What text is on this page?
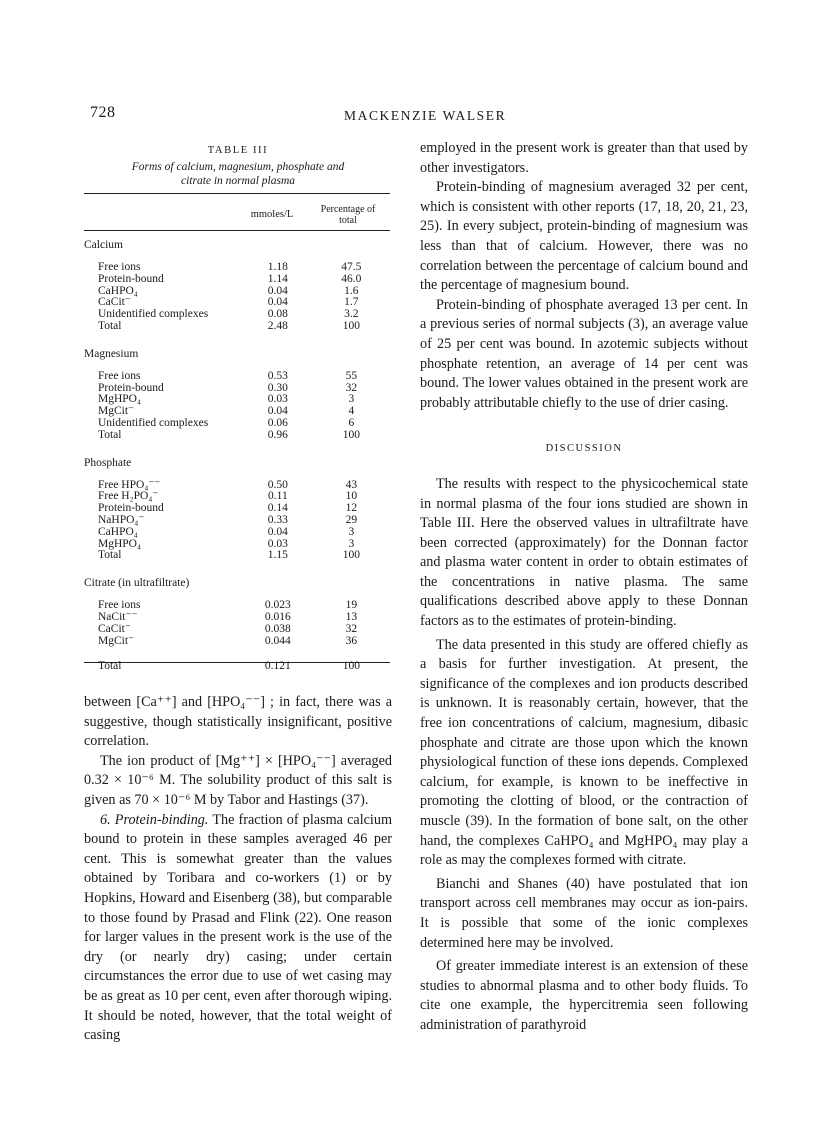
728	MACKENZIE WALSER
TABLE III
Forms of calcium, magnesium, phosphate and citrate in normal plasma
mmoles/L	Percentage of total
Calcium
Free ions	1.18	47.5
Protein-bound	1.14	46.0
CaHPO₄	0.04	1.6
CaCit⁻	0.04	1.7
Unidentified complexes	0.08	3.2
Total	2.48	100
Magnesium
Free ions	0.53	55
Protein-bound	0.30	32
MgHPO₄	0.03	3
MgCit⁻	0.04	4
Unidentified complexes	0.06	6
Total	0.96	100
Phosphate
Free HPO₄⁻⁻	0.50	43
Free H₂PO₄⁻	0.11	10
Protein-bound	0.14	12
NaHPO₄⁻	0.33	29
CaHPO₄	0.04	3
MgHPO₄	0.03	3
Total	1.15	100
Citrate (in ultrafiltrate)
Free ions	0.023	19
NaCit⁻⁻	0.016	13
CaCit⁻	0.038	32
MgCit⁻	0.044	36
Total	0.121	100

between [Ca⁺⁺] and [HPO₄⁻⁻] ; in fact, there was a suggestive, though statistically insignificant, positive correlation.

The ion product of [Mg⁺⁺] × [HPO₄⁻⁻] averaged 0.32 × 10⁻⁶ M. The solubility product of this salt is given as 70 × 10⁻⁶ M by Tabor and Hastings (37).

6. Protein-binding. The fraction of plasma calcium bound to protein in these samples averaged 46 per cent. This is somewhat greater than the values obtained by Toribara and co-workers (1) or by Hopkins, Howard and Eisenberg (38), but comparable to those found by Prasad and Flink (22). One reason for larger values in the present work is the use of the dry (or nearly dry) casing; under certain circumstances the error due to use of wet casing may be as great as 10 per cent, even after thorough wiping. It should be noted, however, that the total weight of casing

employed in the present work is greater than that used by other investigators.

Protein-binding of magnesium averaged 32 per cent, which is consistent with other reports (17, 18, 20, 21, 23, 25). In every subject, protein-binding of magnesium was less than that of calcium. However, there was no correlation between the percentage of calcium bound and the percentage of magnesium bound.

Protein-binding of phosphate averaged 13 per cent. In a previous series of normal subjects (3), an average value of 25 per cent was bound. In azotemic subjects without phosphate retention, an average of 14 per cent was bound. The lower values obtained in the present work are probably attributable chiefly to the use of drier casing.

DISCUSSION

The results with respect to the physicochemical state in normal plasma of the four ions studied are shown in Table III. Here the observed values in ultrafiltrate have been corrected (approximately) for the Donnan factor and plasma water content in order to obtain estimates of the concentrations in native plasma. The same qualifications described above apply to these Donnan factors as to the estimates of protein-binding.

The data presented in this study are offered chiefly as a basis for further investigation. At present, the significance of the complexes and ion products described is unknown. It is reasonably certain, however, that the free ion concentrations of calcium, magnesium, dibasic phosphate and citrate are those upon which the known physiological function of these ions depends. Complexed calcium, for example, is known to be ineffective in promoting the clotting of blood, or the contraction of muscle (39). In the formation of bone salt, on the other hand, the complexes CaHPO₄ and MgHPO₄ may play a role as may the complexes formed with citrate.

Bianchi and Shanes (40) have postulated that ion transport across cell membranes may occur as ion-pairs. It is possible that some of the ionic complexes determined here may be involved.

Of greater immediate interest is an extension of these studies to abnormal plasma and to other body fluids. To cite one example, the hypercitremia seen following administration of parathyroid
